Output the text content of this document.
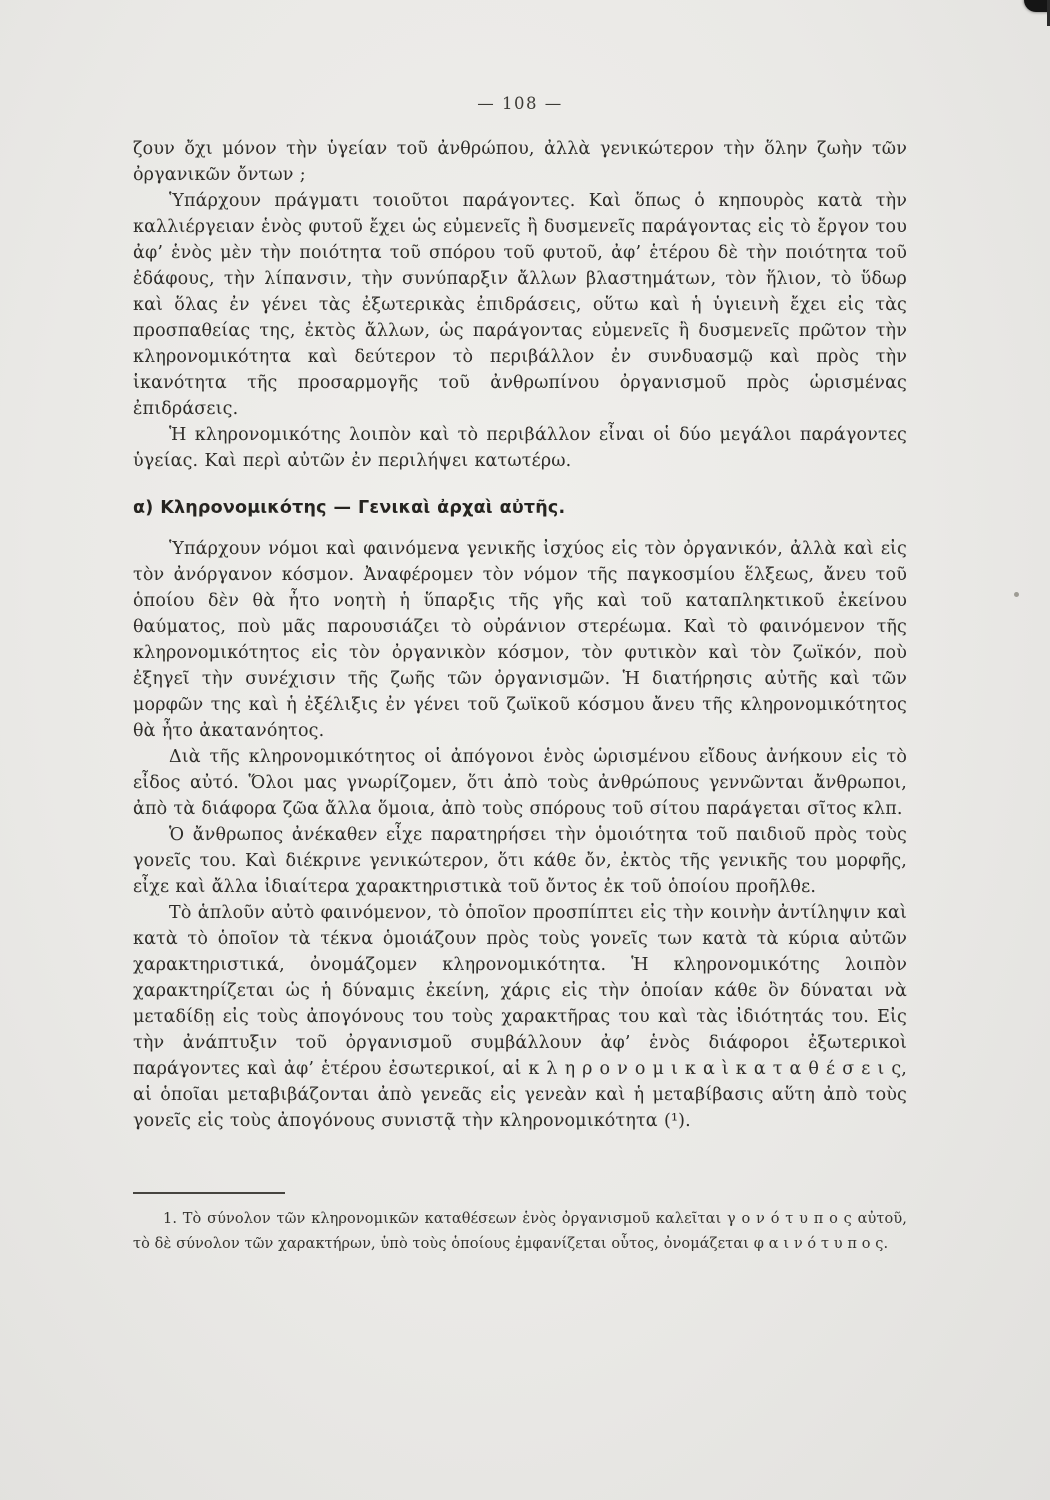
— 108 —

ζουν ὄχι μόνον τὴν ὑγείαν τοῦ ἀνθρώπου, ἀλλὰ γενικώτερον τὴν ὅλην ζωὴν τῶν ὀργανικῶν ὄντων ;

Ὑπάρχουν πράγματι τοιοῦτοι παράγοντες. Καὶ ὅπως ὁ κηπουρὸς κατὰ τὴν καλλιέργειαν ἑνὸς φυτοῦ ἔχει ὡς εὐμενεῖς ἢ δυσμενεῖς παράγοντας εἰς τὸ ἔργον του ἀφ’ ἑνὸς μὲν τὴν ποιότητα τοῦ σπόρου τοῦ φυτοῦ, ἀφ’ ἑτέρου δὲ τὴν ποιότητα τοῦ ἐδάφους, τὴν λίπανσιν, τὴν συνύπαρξιν ἄλλων βλαστημάτων, τὸν ἥλιον, τὸ ὕδωρ καὶ ὅλας ἐν γένει τὰς ἐξωτερικὰς ἐπιδράσεις, οὕτω καὶ ἡ ὑγιεινὴ ἔχει εἰς τὰς προσπαθείας της, ἐκτὸς ἄλλων, ὡς παράγοντας εὐμενεῖς ἢ δυσμενεῖς πρῶτον τὴν κληρονομικότητα καὶ δεύτερον τὸ περιβάλλον ἐν συνδυασμῷ καὶ πρὸς τὴν ἱκανότητα τῆς προσαρμογῆς τοῦ ἀνθρωπίνου ὀργανισμοῦ πρὸς ὡρισμένας ἐπιδράσεις.

Ἡ κληρονομικότης λοιπὸν καὶ τὸ περιβάλλον εἶναι οἱ δύο μεγάλοι παράγοντες ὑγείας. Καὶ περὶ αὐτῶν ἐν περιλήψει κατωτέρω.

α) Κληρονομικότης — Γενικαὶ ἀρχαὶ αὐτῆς.

Ὑπάρχουν νόμοι καὶ φαινόμενα γενικῆς ἰσχύος εἰς τὸν ὀργανικόν, ἀλλὰ καὶ εἰς τὸν ἀνόργανον κόσμον. Ἀναφέρομεν τὸν νόμον τῆς παγκοσμίου ἕλξεως, ἄνευ τοῦ ὁποίου δὲν θὰ ἦτο νοητὴ ἡ ὕπαρξις τῆς γῆς καὶ τοῦ καταπληκτικοῦ ἐκείνου θαύματος, ποὺ μᾶς παρουσιάζει τὸ οὐράνιον στερέωμα. Καὶ τὸ φαινόμενον τῆς κληρονομικότητος εἰς τὸν ὀργανικὸν κόσμον, τὸν φυτικὸν καὶ τὸν ζωϊκόν, ποὺ ἐξηγεῖ τὴν συνέχισιν τῆς ζωῆς τῶν ὀργανισμῶν. Ἡ διατήρησις αὐτῆς καὶ τῶν μορφῶν της καὶ ἡ ἐξέλιξις ἐν γένει τοῦ ζωϊκοῦ κόσμου ἄνευ τῆς κληρονομικότητος θὰ ἦτο ἀκατανόητος.

Διὰ τῆς κληρονομικότητος οἱ ἀπόγονοι ἑνὸς ὡρισμένου εἴδους ἀνήκουν εἰς τὸ εἶδος αὐτό. Ὅλοι μας γνωρίζομεν, ὅτι ἀπὸ τοὺς ἀνθρώπους γεννῶνται ἄνθρωποι, ἀπὸ τὰ διάφορα ζῶα ἄλλα ὅμοια, ἀπὸ τοὺς σπόρους τοῦ σίτου παράγεται σῖτος κλπ.

Ὁ ἄνθρωπος ἀνέκαθεν εἶχε παρατηρήσει τὴν ὁμοιότητα τοῦ παιδιοῦ πρὸς τοὺς γονεῖς του. Καὶ διέκρινε γενικώτερον, ὅτι κάθε ὄν, ἐκτὸς τῆς γενικῆς του μορφῆς, εἶχε καὶ ἄλλα ἰδιαίτερα χαρακτηριστικὰ τοῦ ὄντος ἐκ τοῦ ὁποίου προῆλθε.

Τὸ ἁπλοῦν αὐτὸ φαινόμενον, τὸ ὁποῖον προσπίπτει εἰς τὴν κοινὴν ἀντίληψιν καὶ κατὰ τὸ ὁποῖον τὰ τέκνα ὁμοιάζουν πρὸς τοὺς γονεῖς των κατὰ τὰ κύρια αὐτῶν χαρακτηριστικά, ὀνομάζομεν κληρονομικότητα. Ἡ κληρονομικότης λοιπὸν χαρακτηρίζεται ὡς ἡ δύναμις ἐκείνη, χάρις εἰς τὴν ὁποίαν κάθε ὂν δύναται νὰ μεταδίδῃ εἰς τοὺς ἀπογόνους του τοὺς χαρακτῆρας του καὶ τὰς ἰδιότητάς του. Εἰς τὴν ἀνάπτυξιν τοῦ ὀργανισμοῦ συμβάλλουν ἀφ’ ἑνὸς διάφοροι ἐξωτερικοὶ παράγοντες καὶ ἀφ’ ἑτέρου ἐσωτερικοί, αἱ κ λ η ρ ο ν ο μ ι κ α ὶ κ α τ α θ έ σ ε ι ς, αἱ ὁποῖαι μεταβιβάζονται ἀπὸ γενεᾶς εἰς γενεὰν καὶ ἡ μεταβίβασις αὕτη ἀπὸ τοὺς γονεῖς εἰς τοὺς ἀπογόνους συνιστᾷ τὴν κληρονομικότητα (¹).

1. Τὸ σύνολον τῶν κληρονομικῶν καταθέσεων ἑνὸς ὀργανισμοῦ καλεῖται γ ο ν ό τ υ π ο ς αὐτοῦ, τὸ δὲ σύνολον τῶν χαρακτήρων, ὑπὸ τοὺς ὁποίους ἐμφανίζεται οὗτος, ὀνομάζεται φ α ι ν ό τ υ π ο ς.
